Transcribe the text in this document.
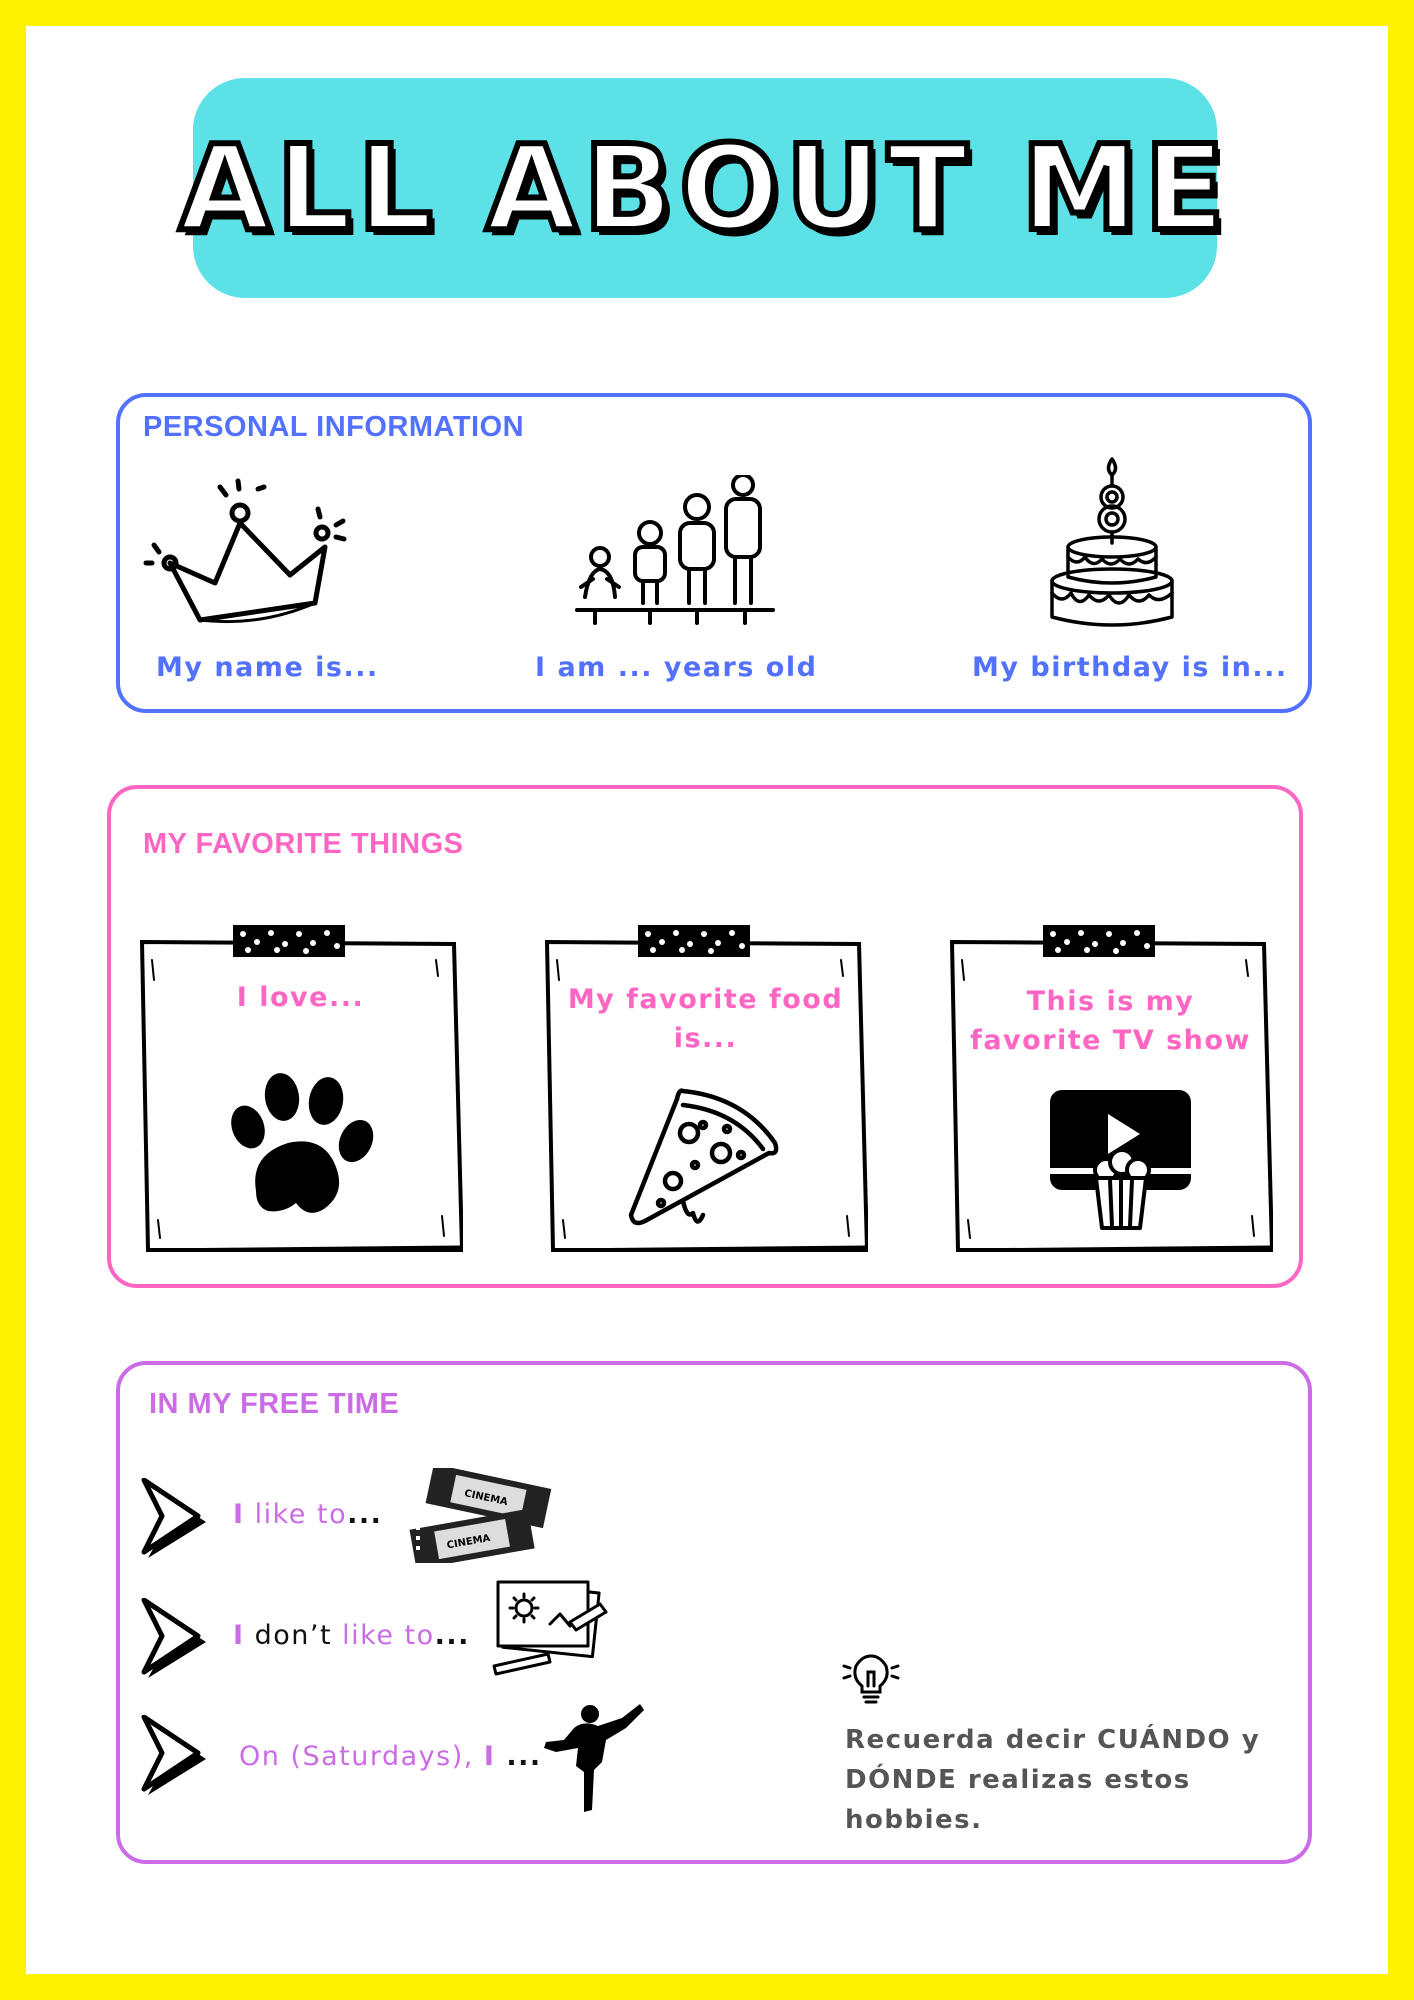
ALL ABOUT ME
PERSONAL INFORMATION
My name is...	I am ... years old	My birthday is in...
MY FAVORITE THINGS
I love...	My favorite food
is...
This is my
favorite TV show
IN MY FREE TIME
I like to...
CINEMA
CINEMA
I don’t like to...
On (Saturdays), I ...
Recuerda decir CUÁNDO y DÓNDE realizas estos hobbies.
